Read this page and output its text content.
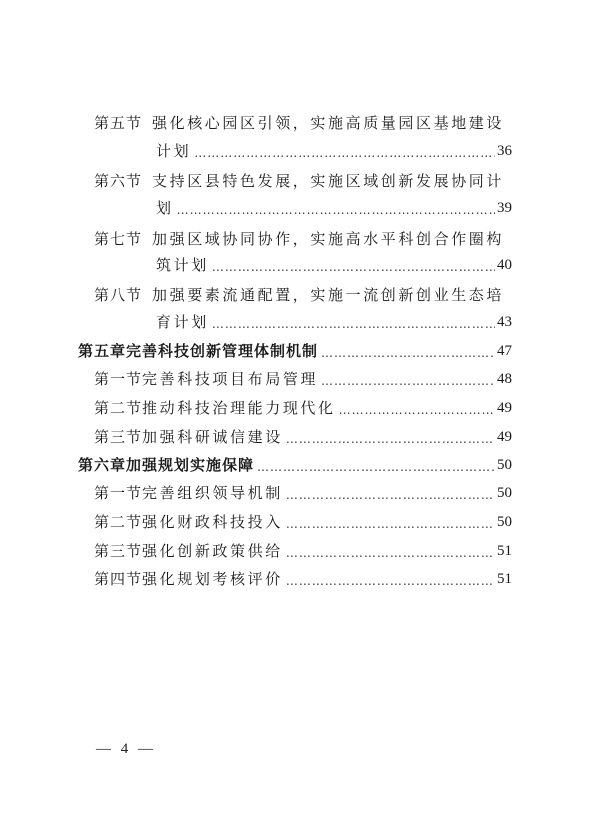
第五节 强化核心园区引领，实施高质量园区基地建设
计划 ……………………………………………………………………………………………………………………………………	36
第六节 支持区县特色发展，实施区域创新发展协同计
划 ……………………………………………………………………………………………………………………………………	39
第七节 加强区域协同协作，实施高水平科创合作圈构
筑计划 ……………………………………………………………………………………………………………………………………	40
第八节 加强要素流通配置，实施一流创新创业生态培
育计划 ……………………………………………………………………………………………………………………………………	43
第五章 完善科技创新管理体制机制 ……………………………………………………………………………………………………………………………………	47
第一节 完善科技项目布局管理 ……………………………………………………………………………………………………………………………………	48
第二节 推动科技治理能力现代化 ……………………………………………………………………………………………………………………………………	49
第三节 加强科研诚信建设 ……………………………………………………………………………………………………………………………………	49
第六章 加强规划实施保障 ……………………………………………………………………………………………………………………………………	50
第一节 完善组织领导机制 ……………………………………………………………………………………………………………………………………	50
第二节 强化财政科技投入 ……………………………………………………………………………………………………………………………………	50
第三节 强化创新政策供给 ……………………………………………………………………………………………………………………………………	51
第四节 强化规划考核评价 ……………………………………………………………………………………………………………………………………	51
— 4 —
